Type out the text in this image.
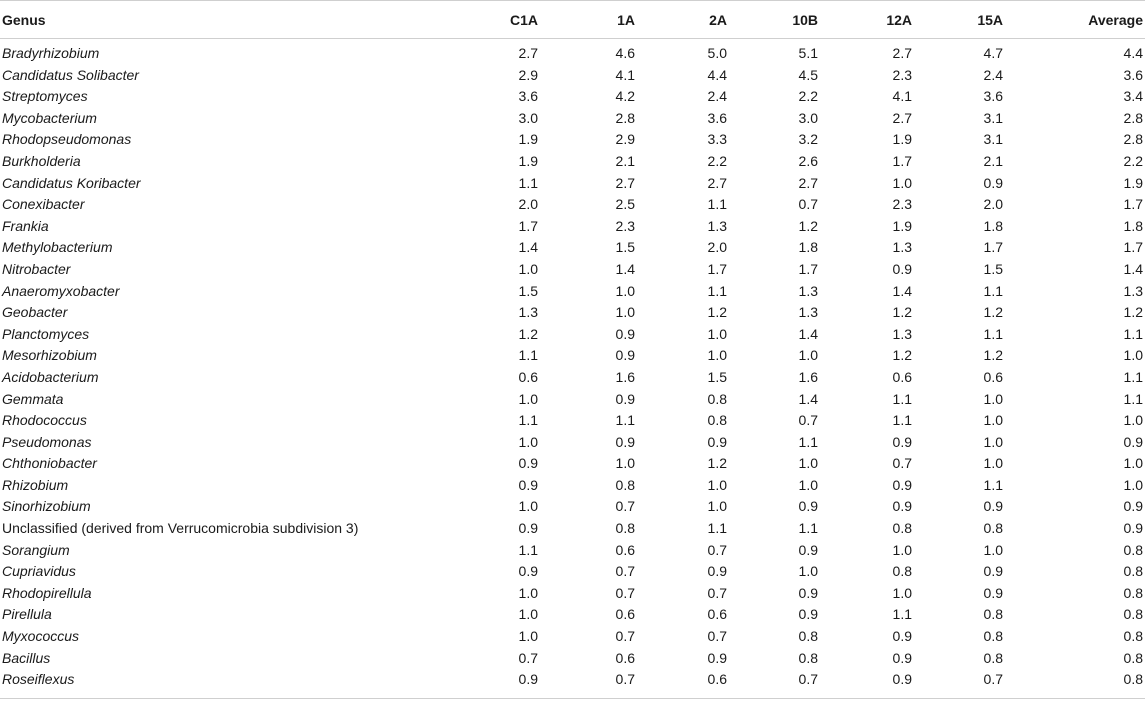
Genus	C1A	1A	2A	10B	12A	15A	Average
Bradyrhizobium	2.7	4.6	5.0	5.1	2.7	4.7	4.4
Candidatus Solibacter	2.9	4.1	4.4	4.5	2.3	2.4	3.6
Streptomyces	3.6	4.2	2.4	2.2	4.1	3.6	3.4
Mycobacterium	3.0	2.8	3.6	3.0	2.7	3.1	2.8
Rhodopseudomonas	1.9	2.9	3.3	3.2	1.9	3.1	2.8
Burkholderia	1.9	2.1	2.2	2.6	1.7	2.1	2.2
Candidatus Koribacter	1.1	2.7	2.7	2.7	1.0	0.9	1.9
Conexibacter	2.0	2.5	1.1	0.7	2.3	2.0	1.7
Frankia	1.7	2.3	1.3	1.2	1.9	1.8	1.8
Methylobacterium	1.4	1.5	2.0	1.8	1.3	1.7	1.7
Nitrobacter	1.0	1.4	1.7	1.7	0.9	1.5	1.4
Anaeromyxobacter	1.5	1.0	1.1	1.3	1.4	1.1	1.3
Geobacter	1.3	1.0	1.2	1.3	1.2	1.2	1.2
Planctomyces	1.2	0.9	1.0	1.4	1.3	1.1	1.1
Mesorhizobium	1.1	0.9	1.0	1.0	1.2	1.2	1.0
Acidobacterium	0.6	1.6	1.5	1.6	0.6	0.6	1.1
Gemmata	1.0	0.9	0.8	1.4	1.1	1.0	1.1
Rhodococcus	1.1	1.1	0.8	0.7	1.1	1.0	1.0
Pseudomonas	1.0	0.9	0.9	1.1	0.9	1.0	0.9
Chthoniobacter	0.9	1.0	1.2	1.0	0.7	1.0	1.0
Rhizobium	0.9	0.8	1.0	1.0	0.9	1.1	1.0
Sinorhizobium	1.0	0.7	1.0	0.9	0.9	0.9	0.9
Unclassified (derived from Verrucomicrobia subdivision 3)	0.9	0.8	1.1	1.1	0.8	0.8	0.9
Sorangium	1.1	0.6	0.7	0.9	1.0	1.0	0.8
Cupriavidus	0.9	0.7	0.9	1.0	0.8	0.9	0.8
Rhodopirellula	1.0	0.7	0.7	0.9	1.0	0.9	0.8
Pirellula	1.0	0.6	0.6	0.9	1.1	0.8	0.8
Myxococcus	1.0	0.7	0.7	0.8	0.9	0.8	0.8
Bacillus	0.7	0.6	0.9	0.8	0.9	0.8	0.8
Roseiflexus	0.9	0.7	0.6	0.7	0.9	0.7	0.8
